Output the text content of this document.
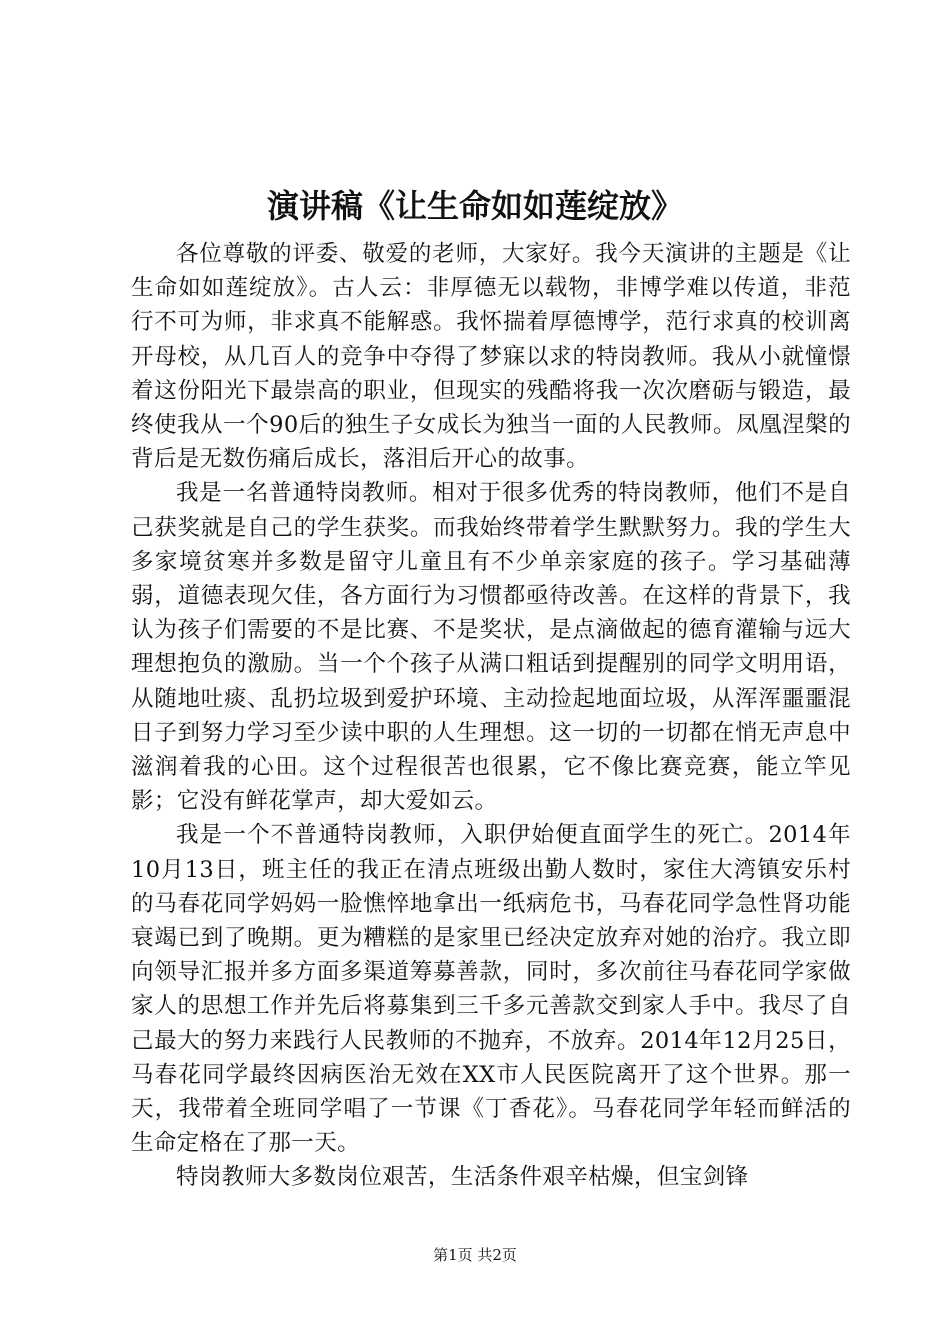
演讲稿《让生命如如莲绽放》

各位尊敬的评委、敬爱的老师，大家好。我今天演讲的主题是《让生命如如莲绽放》。古人云：非厚德无以载物，非博学难以传道，非范行不可为师，非求真不能解惑。我怀揣着厚德博学，范行求真的校训离开母校，从几百人的竞争中夺得了梦寐以求的特岗教师。我从小就憧憬着这份阳光下最崇高的职业，但现实的残酷将我一次次磨砺与锻造，最终使我从一个90后的独生子女成长为独当一面的人民教师。凤凰涅槃的背后是无数伤痛后成长，落泪后开心的故事。

我是一名普通特岗教师。相对于很多优秀的特岗教师，他们不是自己获奖就是自己的学生获奖。而我始终带着学生默默努力。我的学生大多家境贫寒并多数是留守儿童且有不少单亲家庭的孩子。学习基础薄弱，道德表现欠佳，各方面行为习惯都亟待改善。在这样的背景下，我认为孩子们需要的不是比赛、不是奖状，是点滴做起的德育灌输与远大理想抱负的激励。当一个个孩子从满口粗话到提醒别的同学文明用语，从随地吐痰、乱扔垃圾到爱护环境、主动捡起地面垃圾，从浑浑噩噩混日子到努力学习至少读中职的人生理想。这一切的一切都在悄无声息中滋润着我的心田。这个过程很苦也很累，它不像比赛竞赛，能立竿见影；它没有鲜花掌声，却大爱如云。

我是一个不普通特岗教师，入职伊始便直面学生的死亡。2014年10月13日，班主任的我正在清点班级出勤人数时，家住大湾镇安乐村的马春花同学妈妈一脸憔悴地拿出一纸病危书，马春花同学急性肾功能衰竭已到了晚期。更为糟糕的是家里已经决定放弃对她的治疗。我立即向领导汇报并多方面多渠道筹募善款，同时，多次前往马春花同学家做家人的思想工作并先后将募集到三千多元善款交到家人手中。我尽了自己最大的努力来践行人民教师的不抛弃，不放弃。2014年12月25日，马春花同学最终因病医治无效在XX市人民医院离开了这个世界。那一天，我带着全班同学唱了一节课《丁香花》。马春花同学年轻而鲜活的生命定格在了那一天。

特岗教师大多数岗位艰苦，生活条件艰辛枯燥，但宝剑锋

第1页 共2页
